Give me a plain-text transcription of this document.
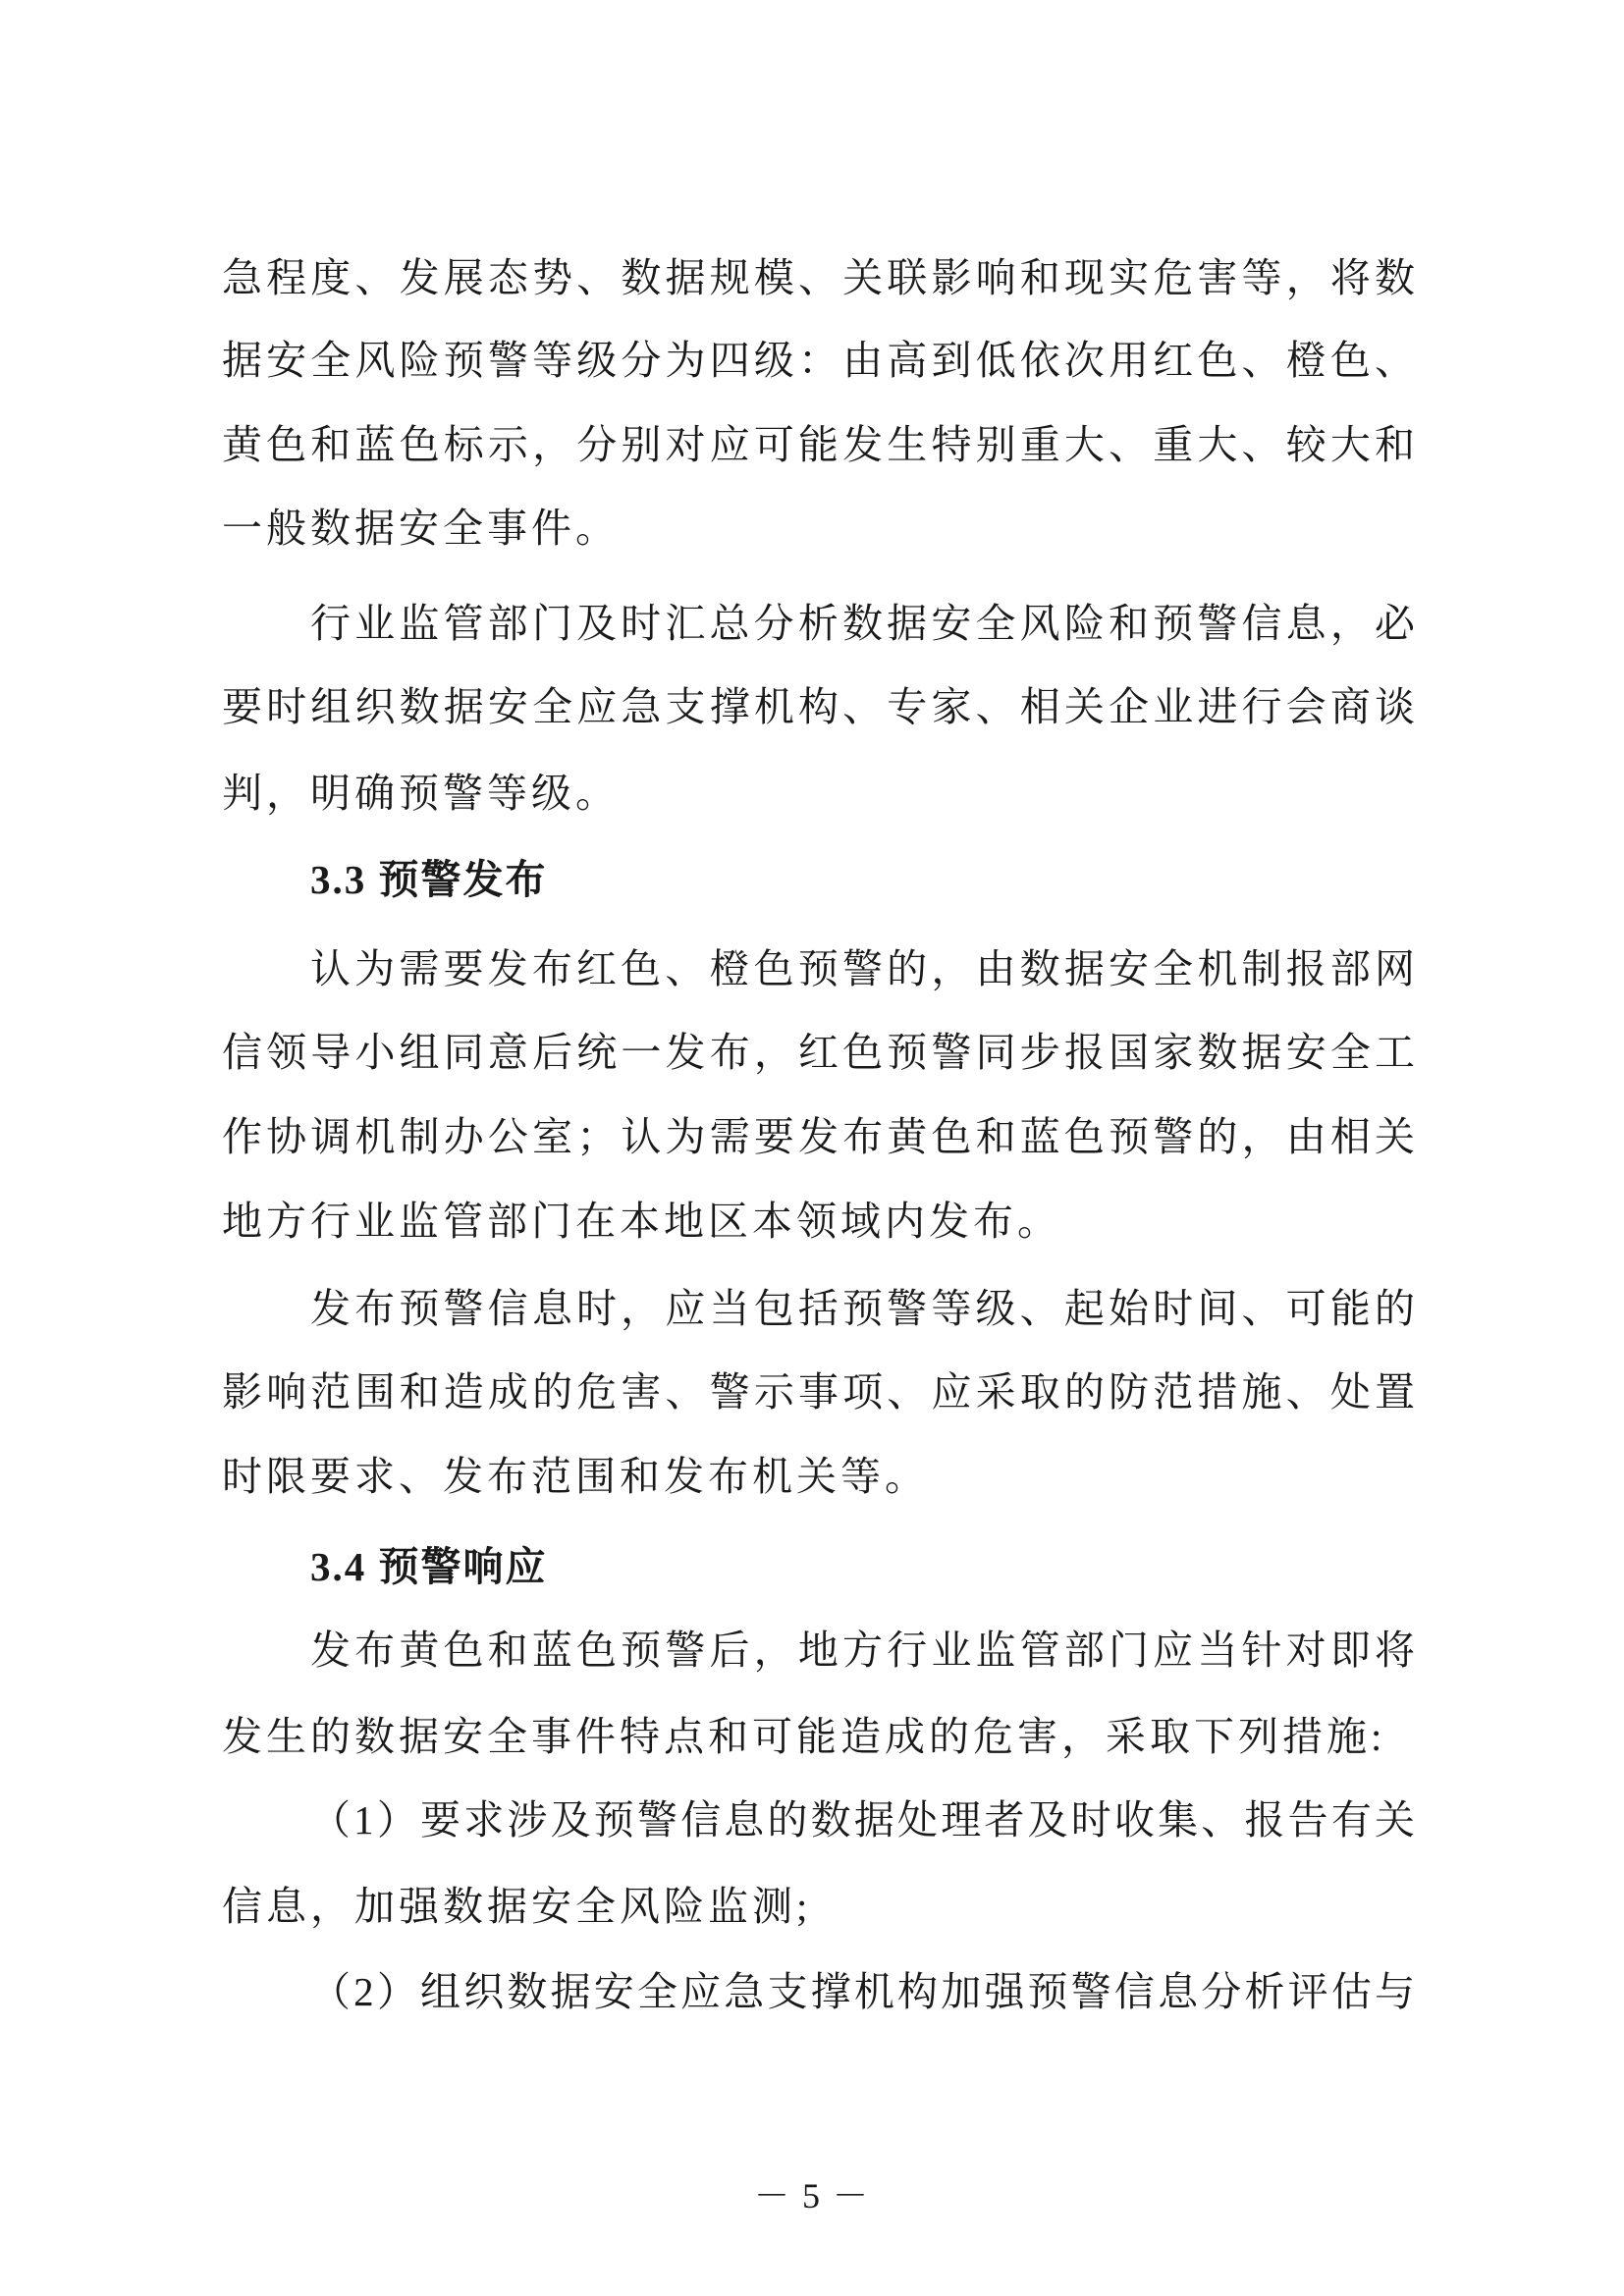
急程度、发展态势、数据规模、关联影响和现实危害等，将数
据安全风险预警等级分为四级：由高到低依次用红色、橙色、
黄色和蓝色标示，分别对应可能发生特别重大、重大、较大和
一般数据安全事件。
行业监管部门及时汇总分析数据安全风险和预警信息，必
要时组织数据安全应急支撑机构、专家、相关企业进行会商谈
判，明确预警等级。
3.3 预警发布
认为需要发布红色、橙色预警的，由数据安全机制报部网
信领导小组同意后统一发布，红色预警同步报国家数据安全工
作协调机制办公室；认为需要发布黄色和蓝色预警的，由相关
地方行业监管部门在本地区本领域内发布。
发布预警信息时，应当包括预警等级、起始时间、可能的
影响范围和造成的危害、警示事项、应采取的防范措施、处置
时限要求、发布范围和发布机关等。
3.4 预警响应
发布黄色和蓝色预警后，地方行业监管部门应当针对即将
发生的数据安全事件特点和可能造成的危害，采取下列措施:
（1）要求涉及预警信息的数据处理者及时收集、报告有关
信息，加强数据安全风险监测;
（2）组织数据安全应急支撑机构加强预警信息分析评估与
－ 5 －
